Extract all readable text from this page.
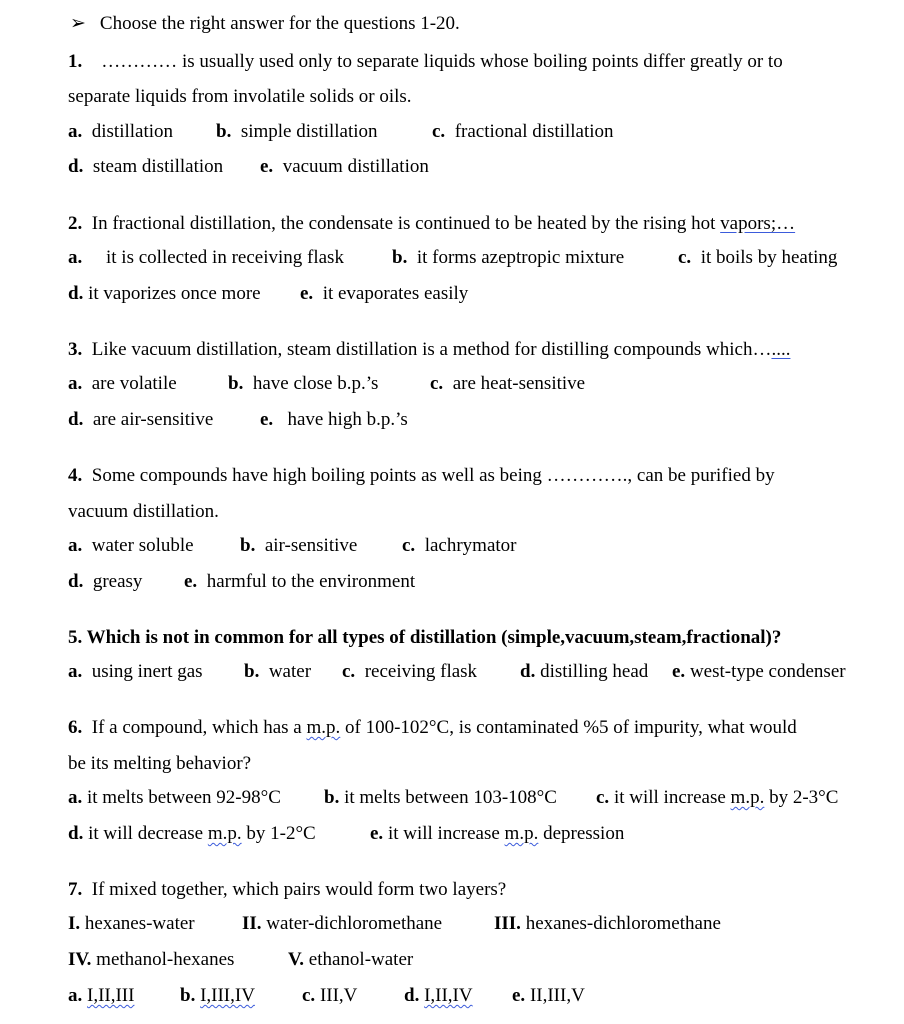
➢ Choose the right answer for the questions 1-20.
1. ………… is usually used only to separate liquids whose boiling points differ greatly or to
separate liquids from involatile solids or oils.
a. distillation b. simple distillation	c. fractional distillation
d. steam distillation e. vacuum distillation
2. In fractional distillation, the condensate is continued to be heated by the rising hot vapors;…
a. it is collected in receiving flask	b. it forms azeptropic mixture	c. it boils by heating
d. it vaporizes once more e. it evaporates easily
3. Like vacuum distillation, steam distillation is a method for distilling compounds which…....
a. are volatile	b. have close b.p.’s	c. are heat-sensitive
d. are air-sensitive e. have high b.p.’s
4. Some compounds have high boiling points as well as being …………., can be purified by
vacuum distillation.
a. water soluble b. air-sensitive c. lachrymator
d. greasy e. harmful to the environment
5. Which is not in common for all types of distillation (simple,vacuum,steam,fractional)?
a. using inert gas b. water c. receiving flask d. distilling head e. west-type condenser
6. If a compound, which has a m.p. of 100-102°C, is contaminated %5 of impurity, what would
be its melting behavior?
a. it melts between 92-98°C b. it melts between 103-108°C c. it will increase m.p. by 2-3°C
d. it will decrease m.p. by 1-2°C	e. it will increase m.p. depression
7. If mixed together, which pairs would form two layers?
I. hexanes-water II. water-dichloromethane	III. hexanes-dichloromethane
IV. methanol-hexanes	V. ethanol-water
a. I,II,III b. I,III,IV c. III,V d. I,II,IV e. II,III,V
